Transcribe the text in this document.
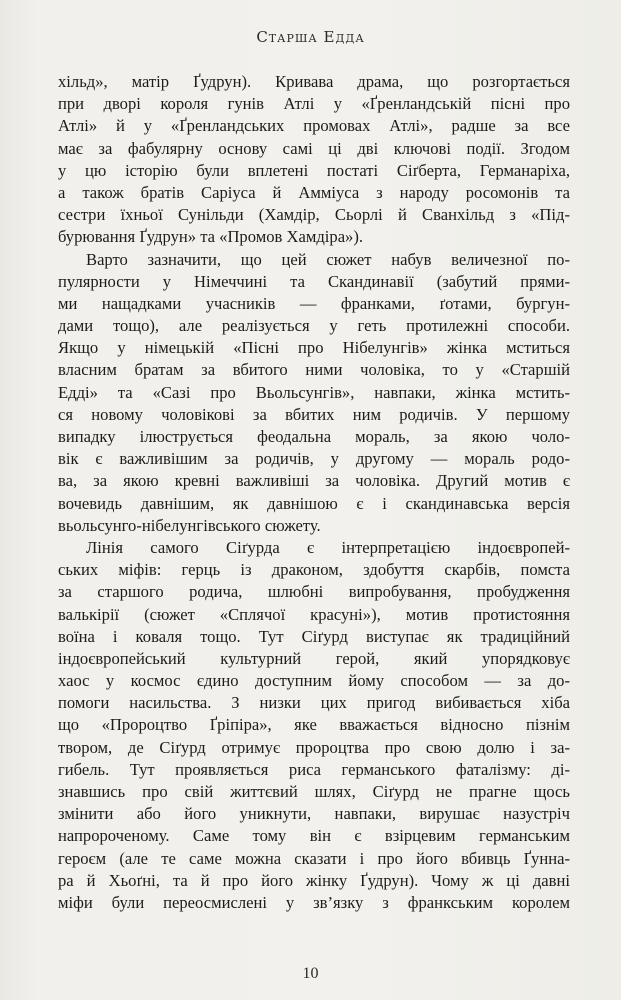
Старша Едда
хільд», матір Ґудрун). Кривава драма, що розгортається
при дворі короля гунів Атлі у «Ґренландській пісні про
Атлі» й у «Ґренландських промовах Атлі», радше за все
має за фабулярну основу самі ці дві ключові події. Згодом
у цю історію були вплетені постаті Сіґберта, Германаріха,
а також братів Саріуса й Амміуса з народу росомонів та
сестри їхньої Сунільди (Хамдір, Сьорлі й Сванхільд з «Під-
бурювання Ґудрун» та «Промов Хамдіра»).
Варто зазначити, що цей сюжет набув величезної по-
пулярности у Німеччині та Скандинавії (забутий прями-
ми нащадками учасників — франками, ґотами, бургун-
дами тощо), але реалізується у геть протилежні способи.
Якщо у німецькій «Пісні про Нібелунгів» жінка мститься
власним братам за вбитого ними чоловіка, то у «Старшій
Едді» та «Сазі про Вьольсунгів», навпаки, жінка мстить-
ся новому чоловікові за вбитих ним родичів. У першому
випадку ілюструється феодальна мораль, за якою чоло-
вік є важливішим за родичів, у другому — мораль родо-
ва, за якою кревні важливіші за чоловіка. Другий мотив є
вочевидь давнішим, як давнішою є і скандинавська версія
вьольсунго-нібелунгівського сюжету.
Лінія самого Сіґурда є інтерпретацією індоєвропей-
ських міфів: герць із драконом, здобуття скарбів, помста
за старшого родича, шлюбні випробування, пробудження
валькірії (сюжет «Сплячої красуні»), мотив протистояння
воїна і коваля тощо. Тут Сіґурд виступає як традиційний
індоєвропейський культурний герой, який упорядковує
хаос у космос єдино доступним йому способом — за до-
помоги насильства. З низки цих пригод вибивається хіба
що «Пророцтво Ґріпіра», яке вважається відносно пізнім
твором, де Сіґурд отримує пророцтва про свою долю і за-
гибель. Тут проявляється риса германського фаталізму: ді-
знавшись про свій життєвий шлях, Сіґурд не прагне щось
змінити або його уникнути, навпаки, вирушає назустріч
напророченому. Саме тому він є взірцевим германським
героєм (але те саме можна сказати і про його вбивць Ґунна-
ра й Хьоґні, та й про його жінку Ґудрун). Чому ж ці давні
міфи були переосмислені у зв’язку з франкським королем
10
